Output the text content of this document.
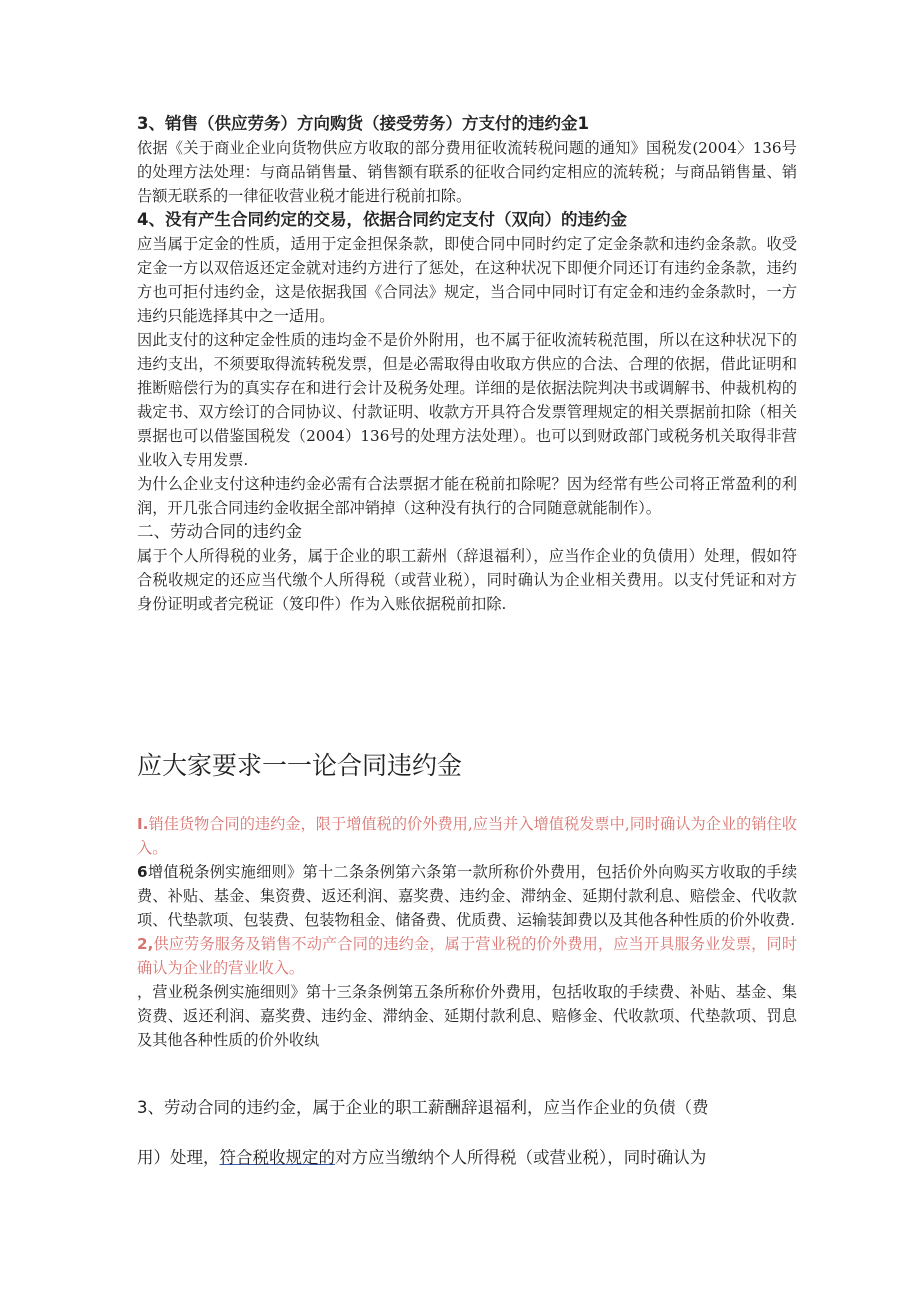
3、销售（供应劳务）方向购货（接受劳务）方支付的违约金1

依据《关于商业企业向货物供应方收取的部分费用征收流转税问题的通知》国税发(2004〉136号的处理方法处理：与商品销售量、销售额有联系的征收合同约定相应的流转税；与商品销售量、销告额无联系的一律征收营业税才能进行税前扣除。

4、没有产生合同约定的交易，依据合同约定支付（双向）的违约金

应当属于定金的性质，适用于定金担保条款，即使合同中同时约定了定金条款和违约金条款。收受定金一方以双倍返还定金就对违约方进行了惩处，在这种状况下即便介同还订有违约金条款，违约方也可拒付违约金，这是依据我国《合同法》规定，当合同中同时订有定金和违约金条款时，一方违约只能选择其中之一适用。

因此支付的这种定金性质的违均金不是价外附用，也不属于征收流转税范围，所以在这种状况下的违约支出，不须要取得流转税发票，但是必需取得由收取方供应的合法、合理的依据，借此证明和推断赔偿行为的真实存在和进行会计及税务处理。详细的是依据法院判决书或调解书、仲裁机构的裁定书、双方绘订的合同协议、付款证明、收款方开具符合发票管理规定的相关票据前扣除（相关票据也可以借鉴国税发（2004）136号的处理方法处理）。也可以到财政部门或税务机关取得非营业收入专用发票.

为什么企业支付这种违约金必需有合法票据才能在税前扣除呢？因为经常有些公司将正常盈利的利润，开几张合同违约金收据全部冲销掉（这种没有执行的合同随意就能制作）。

二、劳动合同的违约金

属于个人所得税的业务，属于企业的职工薪州（辞退福利），应当作企业的负债用）处理，假如符合税收规定的还应当代缴个人所得税（或营业税），同时确认为企业相关费用。以支付凭证和对方身份证明或者完税证（笈印件）作为入账依据税前扣除.

应大家要求一一论合同违约金

I.销佳货物合同的违约金，限于增值税的价外费用,应当并入增值税发票中,同时确认为企业的销住收入。

6增值税条例实施细则》第十二条条例第六条第一款所称价外费用，包括价外向购买方收取的手续费、补贴、基金、集资费、返还利润、嘉奖费、违约金、滞纳金、延期付款利息、赔偿金、代收款项、代垫款项、包装费、包装物租金、储备费、优质费、运输装卸费以及其他各种性质的价外收费.

2,供应劳务服务及销售不动产合同的违约金，属于营业税的价外费用，应当开具服务业发票，同时确认为企业的营业收入。

，营业税条例实施细则》第十三条条例第五条所称价外费用，包括收取的手续费、补贴、基金、集资费、返还利润、嘉奖费、违约金、滞纳金、延期付款利息、赔修金、代收款项、代垫款项、罚息及其他各种性质的价外收纨

3、劳动合同的违约金，属于企业的职工薪酬辞退福利，应当作企业的负债（费

用）处理，符合税收规定的对方应当缴纳个人所得税（或营业税），同时确认为
